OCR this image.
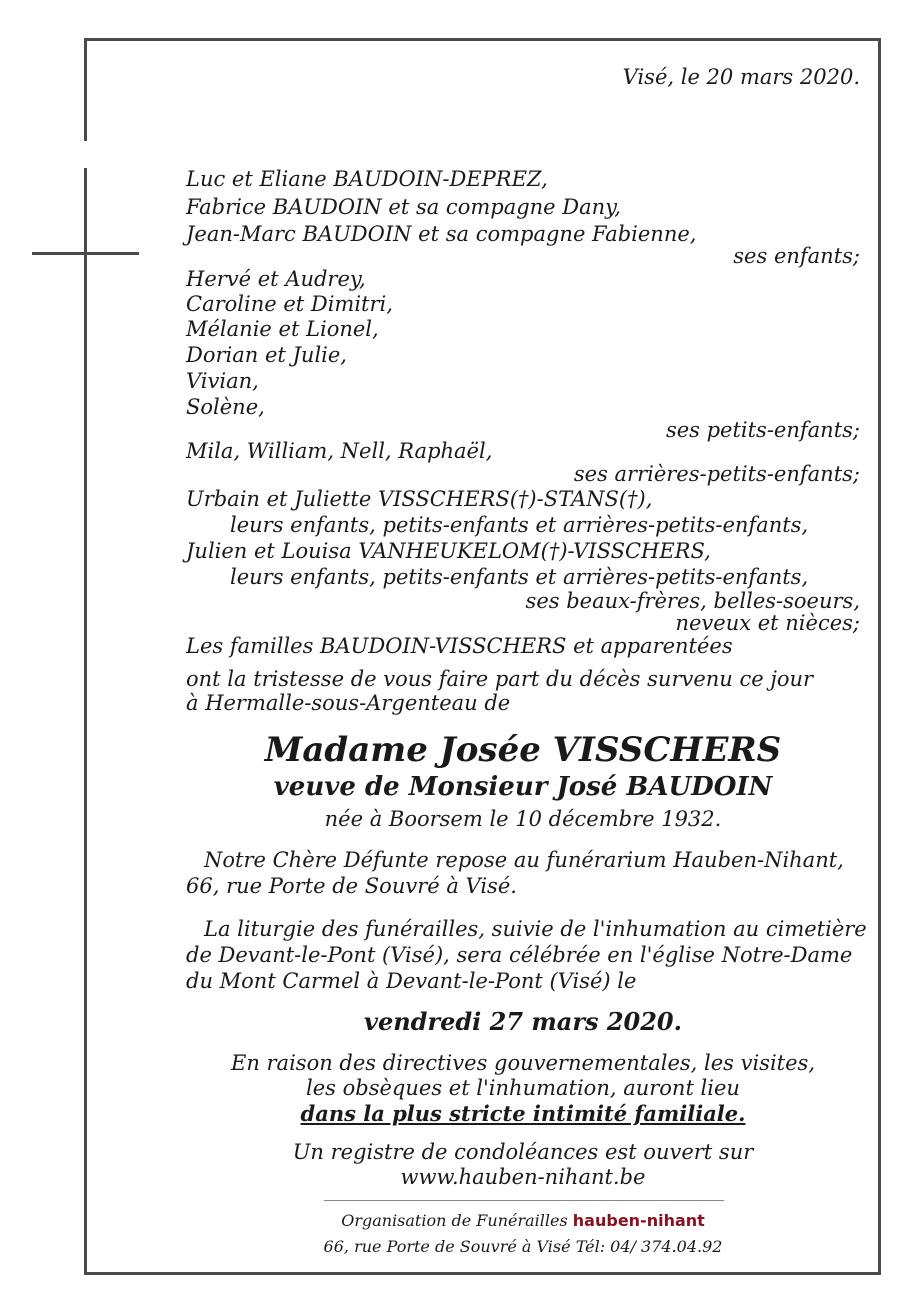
Visé, le 20 mars 2020.
Luc et Eliane BAUDOIN-DEPREZ,
Fabrice BAUDOIN et sa compagne Dany,
Jean-Marc BAUDOIN et sa compagne Fabienne,
ses enfants;
Hervé et Audrey,
Caroline et Dimitri,
Mélanie et Lionel,
Dorian et Julie,
Vivian,
Solène,
ses petits-enfants;
Mila, William, Nell, Raphaël,
ses arrières-petits-enfants;
Urbain et Juliette VISSCHERS(†)-STANS(†),
leurs enfants, petits-enfants et arrières-petits-enfants,
Julien et Louisa VANHEUKELOM(†)-VISSCHERS,
leurs enfants, petits-enfants et arrières-petits-enfants,
ses beaux-frères, belles-soeurs,
neveux et nièces;
Les familles BAUDOIN-VISSCHERS et apparentées
ont la tristesse de vous faire part du décès survenu ce jour
à Hermalle-sous-Argenteau de
Madame Josée VISSCHERS
veuve de Monsieur José BAUDOIN
née à Boorsem le 10 décembre 1932.
Notre Chère Défunte repose au funérarium Hauben-Nihant,
66, rue Porte de Souvré à Visé.
La liturgie des funérailles, suivie de l'inhumation au cimetière
de Devant-le-Pont (Visé), sera célébrée en l'église Notre-Dame
du Mont Carmel à Devant-le-Pont (Visé) le
vendredi 27 mars 2020.
En raison des directives gouvernementales, les visites,
les obsèques et l'inhumation, auront lieu
dans la plus stricte intimité familiale.
Un registre de condoléances est ouvert sur
www.hauben-nihant.be
Organisation de Funérailles hauben-nihant
66, rue Porte de Souvré à Visé Tél: 04/ 374.04.92
